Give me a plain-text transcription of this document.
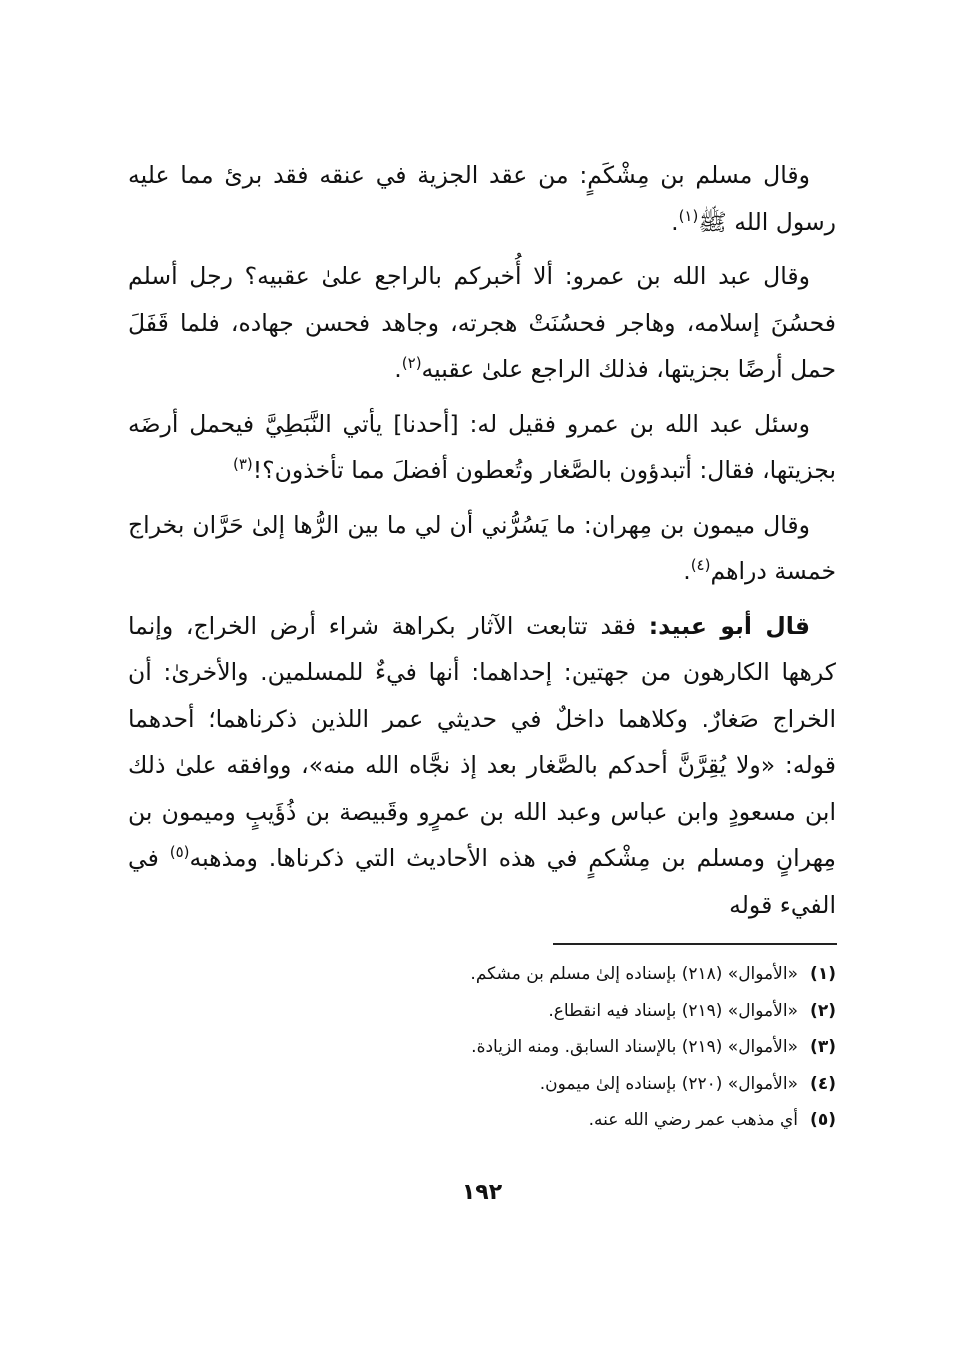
وقال مسلم بن مِشْكَمٍ: من عقد الجزية في عنقه فقد برئ مما عليه رسول الله ﷺ$^{(١)}$.

وقال عبد الله بن عمرو: ألا أُخبركم بالراجع علىٰ عقبيه؟ رجل أسلم فحسُنَ إسلامه، وهاجر فحسُنَتْ هجرته، وجاهد فحسن جهاده، فلما قَفَلَ حمل أرضًا بجزيتها، فذلك الراجع علىٰ عقبيه$^{(٢)}$.

وسئل عبد الله بن عمرو فقيل له: [أحدنا] يأتي النَّبَطِيَّ فيحمل أرضَه بجزيتها، فقال: أتبدؤون بالصَّغار وتُعطون أفضلَ مما تأخذون؟!$^{(٣)}$

وقال ميمون بن مِهران: ما يَسُرُّني أن لي ما بين الرُّها إلىٰ حَرَّان بخراج خمسة دراهم$^{(٤)}$.

قال أبو عبيد: فقد تتابعت الآثار بكراهة شراء أرض الخراج، وإنما كرهها الكارهون من جهتين: إحداهما: أنها فيءٌ للمسلمين. والأخرىٰ: أن الخراج صَغارٌ. وكلاهما داخلٌ في حديثي عمر اللذين ذكرناهما؛ أحدهما قوله: «ولا يُقِرَّنَّ أحدكم بالصَّغار بعد إذ نجَّاه الله منه»، ووافقه علىٰ ذلك ابن مسعودٍ وابن عباس وعبد الله بن عمرٍو وقَبيصة بن ذُؤَيبٍ وميمون بن مِهرانٍ ومسلم بن مِشْكمٍ في هذه الأحاديث التي ذكرناها. ومذهبه$^{(٥)}$ في الفيء قوله

(١)
«الأموال» (٢١٨) بإسناده إلىٰ مسلم بن مشكم.
(٢)
«الأموال» (٢١٩) بإسناد فيه انقطاع.
(٣)
«الأموال» (٢١٩) بالإسناد السابق. ومنه الزيادة.
(٤)
«الأموال» (٢٢٠) بإسناده إلىٰ ميمون.
(٥)
أي مذهب عمر رضي الله عنه.
١٩٢
